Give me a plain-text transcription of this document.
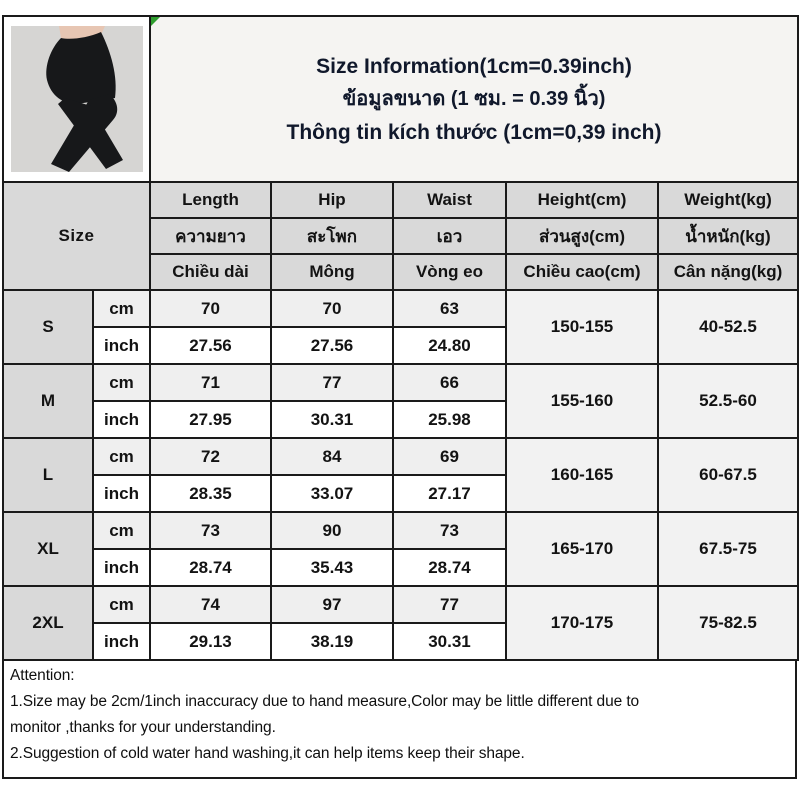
Size Information(1cm=0.39inch)
ข้อมูลขนาด (1 ซม. = 0.39 นิ้ว)
Thông tin kích thước (1cm=0,39 inch)				

Size		Length	Hip	Waist	Height(cm)	Weight(kg)
		ความยาว	สะโพก	เอว	ส่วนสูง(cm)	น้ำหนัก(kg)
		Chiều dài	Mông	Vòng eo	Chiều cao(cm)	Cân nặng(kg)
S	cm	70	70	63	150-155	40-52.5
	inch	27.56	27.56	24.80		
M	cm	71	77	66	155-160	52.5-60
	inch	27.95	30.31	25.98		
L	cm	72	84	69	160-165	60-67.5
	inch	28.35	33.07	27.17		
XL	cm	73	90	73	165-170	67.5-75
	inch	28.74	35.43	28.74		
2XL	cm	74	97	77	170-175	75-82.5
	inch	29.13	38.19	30.31		
Attention:
1.Size may be 2cm/1inch inaccuracy due to hand measure,Color may be little different due to
monitor ,thanks for your understanding.
2.Suggestion of cold water hand washing,it can help items keep their shape.
